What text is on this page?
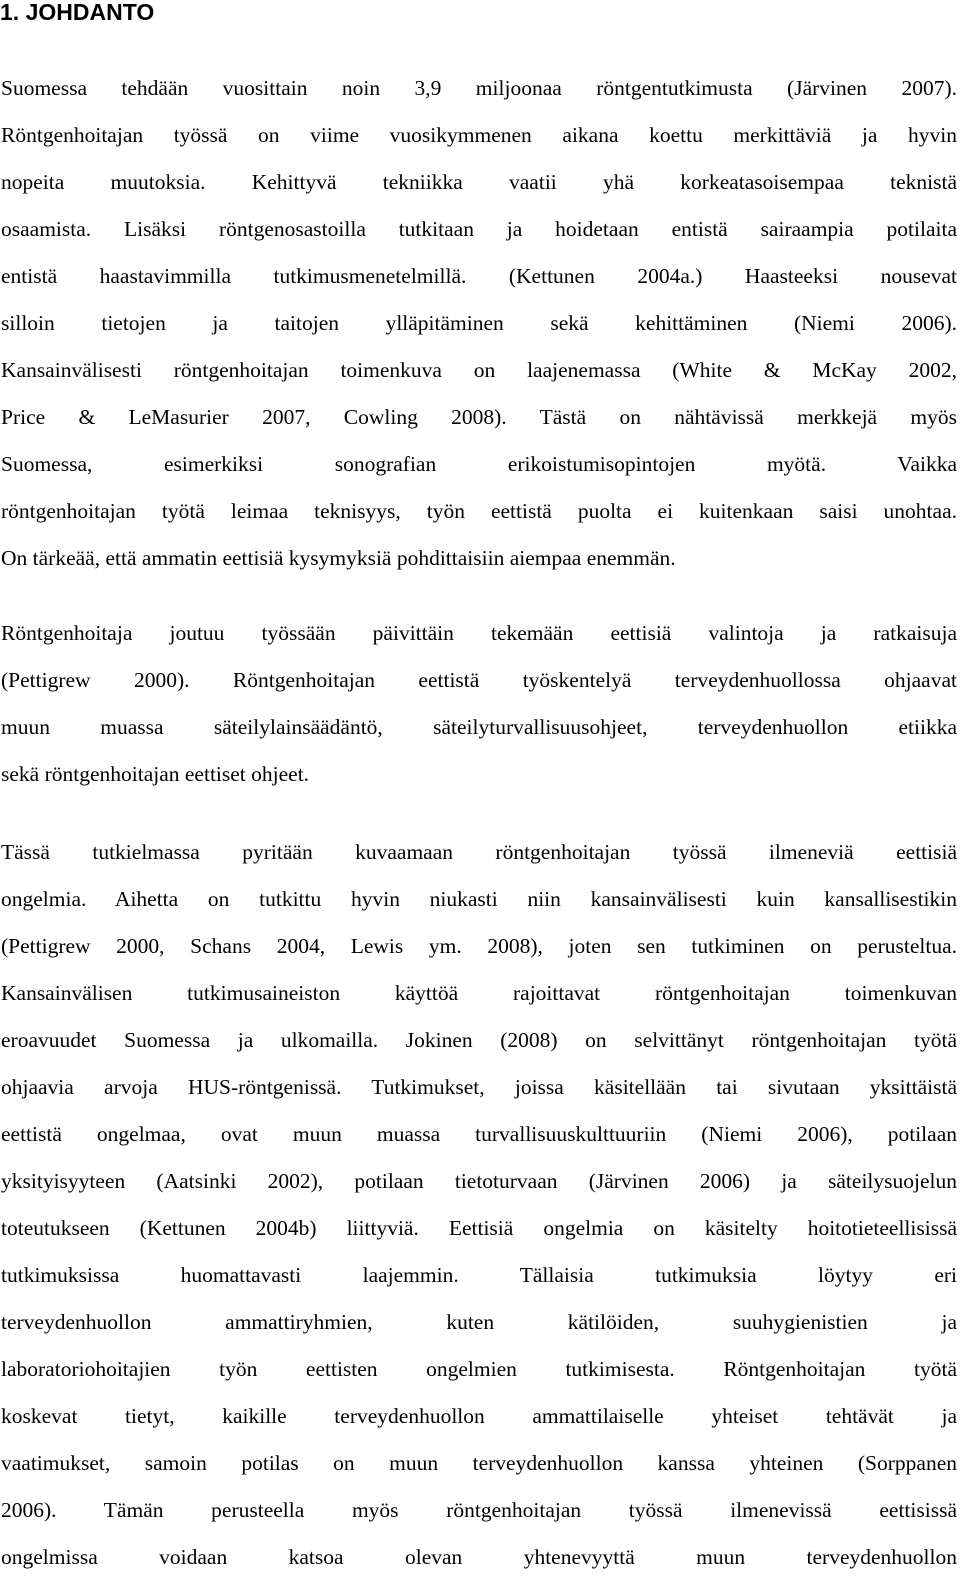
1. JOHDANTO
Suomessa tehdään vuosittain noin 3,9 miljoonaa röntgentutkimusta (Järvinen 2007).
Röntgenhoitajan työssä on viime vuosikymmenen aikana koettu merkittäviä ja hyvin
nopeita muutoksia. Kehittyvä tekniikka vaatii yhä korkeatasoisempaa teknistä
osaamista. Lisäksi röntgenosastoilla tutkitaan ja hoidetaan entistä sairaampia potilaita
entistä haastavimmilla tutkimusmenetelmillä. (Kettunen 2004a.) Haasteeksi nousevat
silloin tietojen ja taitojen ylläpitäminen sekä kehittäminen (Niemi 2006).
Kansainvälisesti röntgenhoitajan toimenkuva on laajenemassa (White & McKay 2002,
Price & LeMasurier 2007, Cowling 2008). Tästä on nähtävissä merkkejä myös
Suomessa, esimerkiksi sonografian erikoistumisopintojen myötä. Vaikka
röntgenhoitajan työtä leimaa teknisyys, työn eettistä puolta ei kuitenkaan saisi unohtaa.
On tärkeää, että ammatin eettisiä kysymyksiä pohdittaisiin aiempaa enemmän.
Röntgenhoitaja joutuu työssään päivittäin tekemään eettisiä valintoja ja ratkaisuja
(Pettigrew 2000). Röntgenhoitajan eettistä työskentelyä terveydenhuollossa ohjaavat
muun muassa säteilylainsäädäntö, säteilyturvallisuusohjeet, terveydenhuollon etiikka
sekä röntgenhoitajan eettiset ohjeet.
Tässä tutkielmassa pyritään kuvaamaan röntgenhoitajan työssä ilmeneviä eettisiä
ongelmia. Aihetta on tutkittu hyvin niukasti niin kansainvälisesti kuin kansallisestikin
(Pettigrew 2000, Schans 2004, Lewis ym. 2008), joten sen tutkiminen on perusteltua.
Kansainvälisen tutkimusaineiston käyttöä rajoittavat röntgenhoitajan toimenkuvan
eroavuudet Suomessa ja ulkomailla. Jokinen (2008) on selvittänyt röntgenhoitajan työtä
ohjaavia arvoja HUS-röntgenissä. Tutkimukset, joissa käsitellään tai sivutaan yksittäistä
eettistä ongelmaa, ovat muun muassa turvallisuuskulttuuriin (Niemi 2006), potilaan
yksityisyyteen (Aatsinki 2002), potilaan tietoturvaan (Järvinen 2006) ja säteilysuojelun
toteutukseen (Kettunen 2004b) liittyviä. Eettisiä ongelmia on käsitelty hoitotieteellisissä
tutkimuksissa huomattavasti laajemmin. Tällaisia tutkimuksia löytyy eri
terveydenhuollon ammattiryhmien, kuten kätilöiden, suuhygienistien ja
laboratoriohoitajien työn eettisten ongelmien tutkimisesta. Röntgenhoitajan työtä
koskevat tietyt, kaikille terveydenhuollon ammattilaiselle yhteiset tehtävät ja
vaatimukset, samoin potilas on muun terveydenhuollon kanssa yhteinen (Sorppanen
2006). Tämän perusteella myös röntgenhoitajan työssä ilmenevissä eettisissä
ongelmissa voidaan katsoa olevan yhtenevyyttä muun terveydenhuollon
